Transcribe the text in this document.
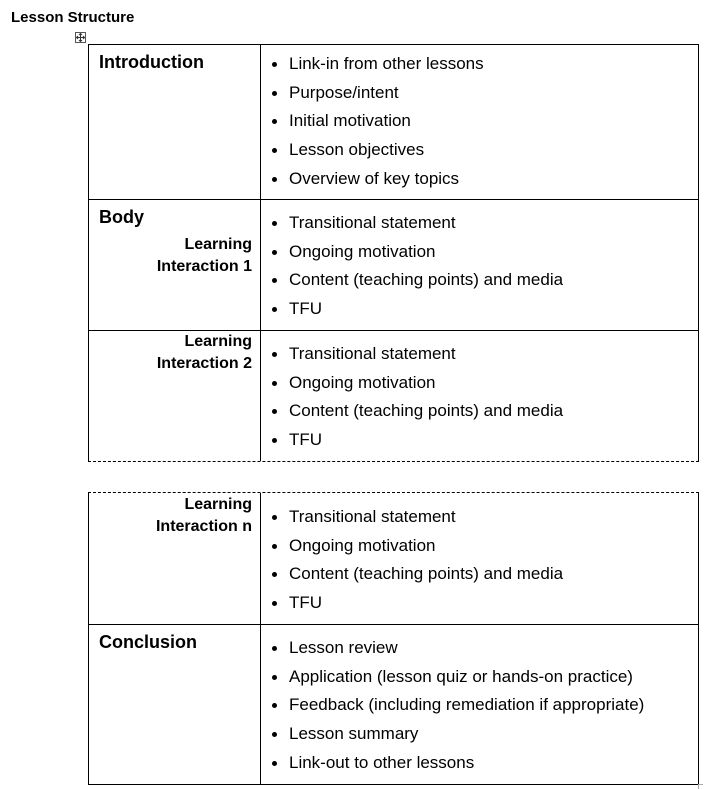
Lesson Structure
Introduction	Link-in from other lessons
Purpose/intent
Initial motivation
Lesson objectives
Overview of key topics
Body
Learning
Interaction 1
Transitional statement
Ongoing motivation
Content (teaching points) and media
TFU
Learning
Interaction 2
Transitional statement
Ongoing motivation
Content (teaching points) and media
TFU
Learning
Interaction n
Transitional statement
Ongoing motivation
Content (teaching points) and media
TFU
Conclusion	Lesson review
Application (lesson quiz or hands-on practice)
Feedback (including remediation if appropriate)
Lesson summary
Link-out to other lessons
